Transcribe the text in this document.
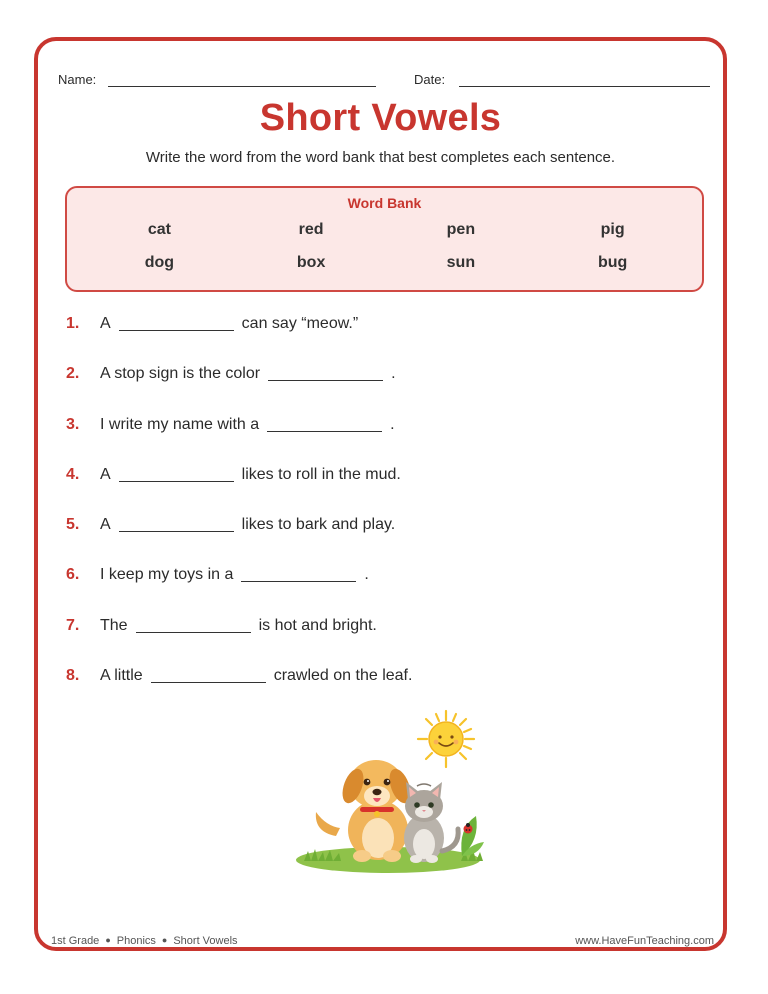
Name:	Date:
Short Vowels
Write the word from the word bank that best completes each sentence.
Word Bank
cat	red	pen	pig
dog	box	sun	bug
1.	A	can say “meow.”
2.	A stop sign is the color	.
3.	I write my name with a	.
4.	A	likes to roll in the mud.
5.	A	likes to bark and play.
6.	I keep my toys in a	.
7.	The	is hot and bright.
8.	A little	crawled on the leaf.
1st Grade ● Phonics ● Short Vowels	www.HaveFunTeaching.com
